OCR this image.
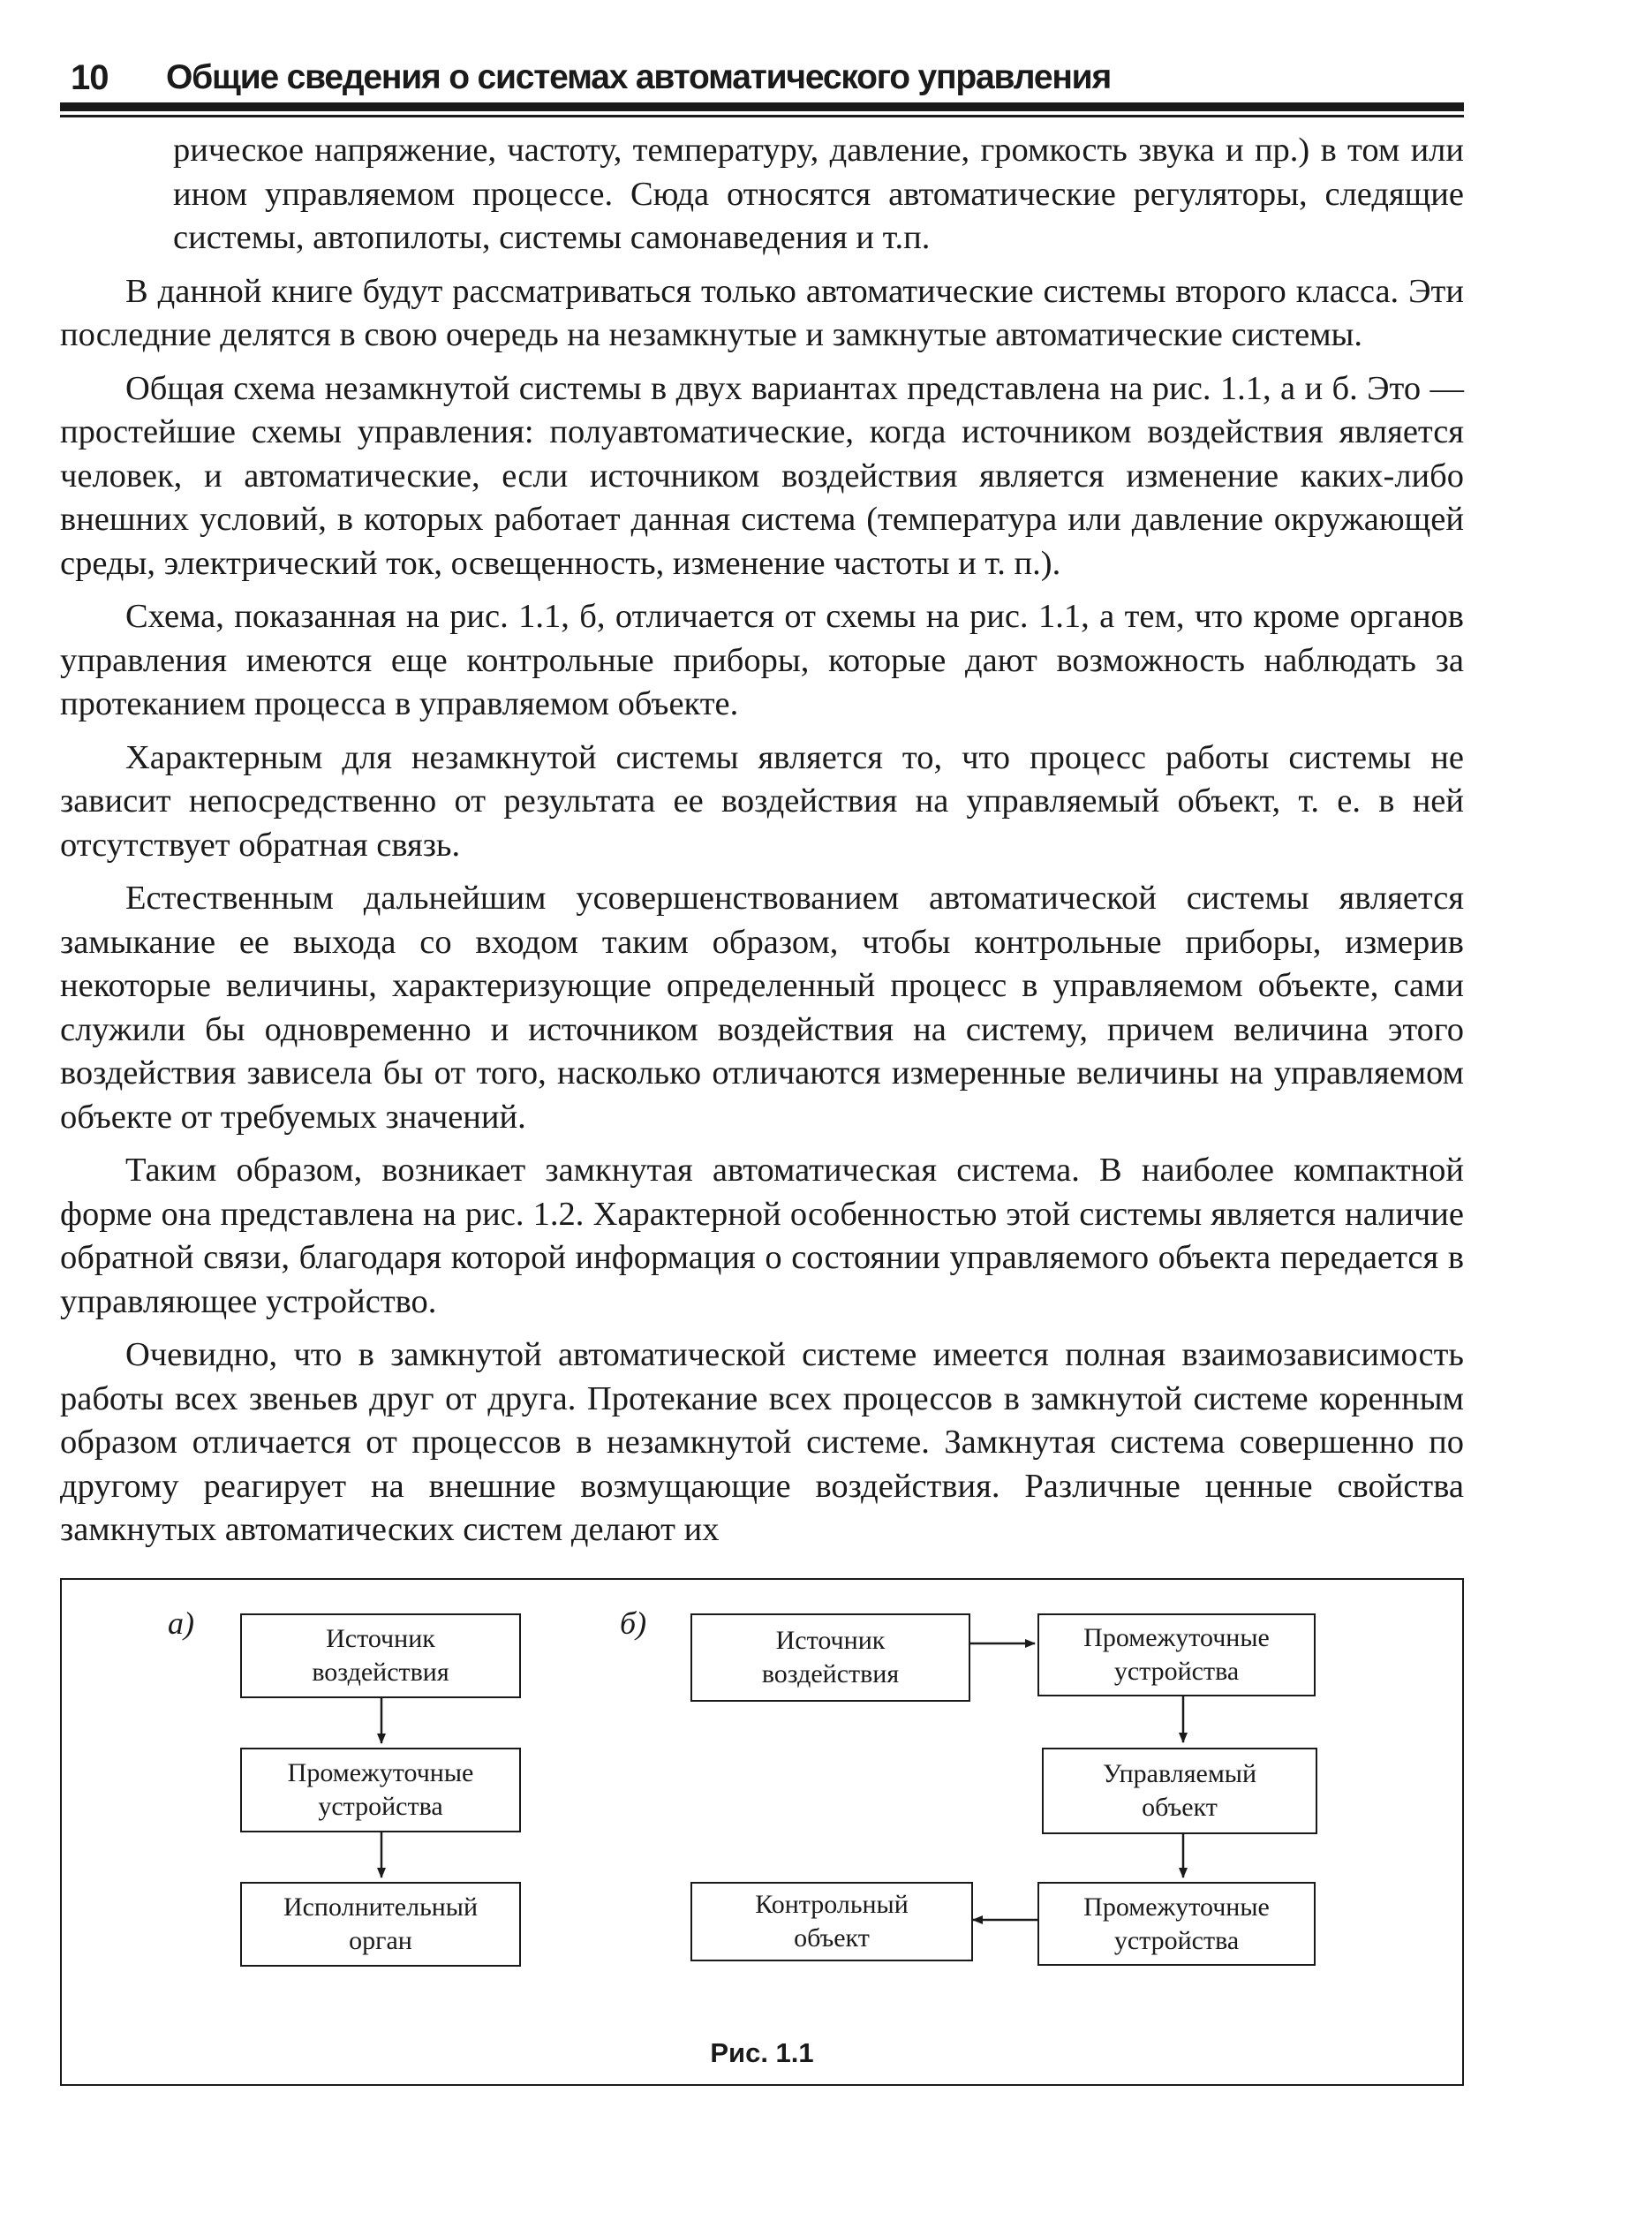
10 Общие сведения о системах автоматического управления

рическое напряжение, частоту, температуру, давление, громкость звука и пр.) в том или ином управляемом процессе. Сюда относятся автоматические регуляторы, следящие системы, автопилоты, системы самонаведения и т.п.

В данной книге будут рассматриваться только автоматические системы второго класса. Эти последние делятся в свою очередь на незамкнутые и замкнутые автоматические системы.

Общая схема незамкнутой системы в двух вариантах представлена на рис. 1.1, а и б. Это — простейшие схемы управления: полуавтоматические, когда источником воздействия является человек, и автоматические, если источником воздействия является изменение каких-либо внешних условий, в которых работает данная система (температура или давление окружающей среды, электрический ток, освещенность, изменение частоты и т. п.).

Схема, показанная на рис. 1.1, б, отличается от схемы на рис. 1.1, а тем, что кроме органов управления имеются еще контрольные приборы, которые дают возможность наблюдать за протеканием процесса в управляемом объекте.

Характерным для незамкнутой системы является то, что процесс работы системы не зависит непосредственно от результата ее воздействия на управляемый объект, т. е. в ней отсутствует обратная связь.

Естественным дальнейшим усовершенствованием автоматической системы является замыкание ее выхода со входом таким образом, чтобы контрольные приборы, измерив некоторые величины, характеризующие определенный процесс в управляемом объекте, сами служили бы одновременно и источником воздействия на систему, причем величина этого воздействия зависела бы от того, насколько отличаются измеренные величины на управляемом объекте от требуемых значений.

Таким образом, возникает замкнутая автоматическая система. В наиболее компактной форме она представлена на рис. 1.2. Характерной особенностью этой системы является наличие обратной связи, благодаря которой информация о состоянии управляемого объекта передается в управляющее устройство.

Очевидно, что в замкнутой автоматической системе имеется полная взаимозависимость работы всех звеньев друг от друга. Протекание всех процессов в замкнутой системе коренным образом отличается от процессов в незамкнутой системе. Замкнутая система совершенно по другому реагирует на внешние возмущающие воздействия. Различные ценные свойства замкнутых автоматических систем делают их

а)	б)
Источник
воздействия
Промежуточные
устройства
Исполнительный
орган
Источник
воздействия
Промежуточные
устройства
Управляемый
объект
Промежуточные
устройства
Контрольный
объект
Рис. 1.1
